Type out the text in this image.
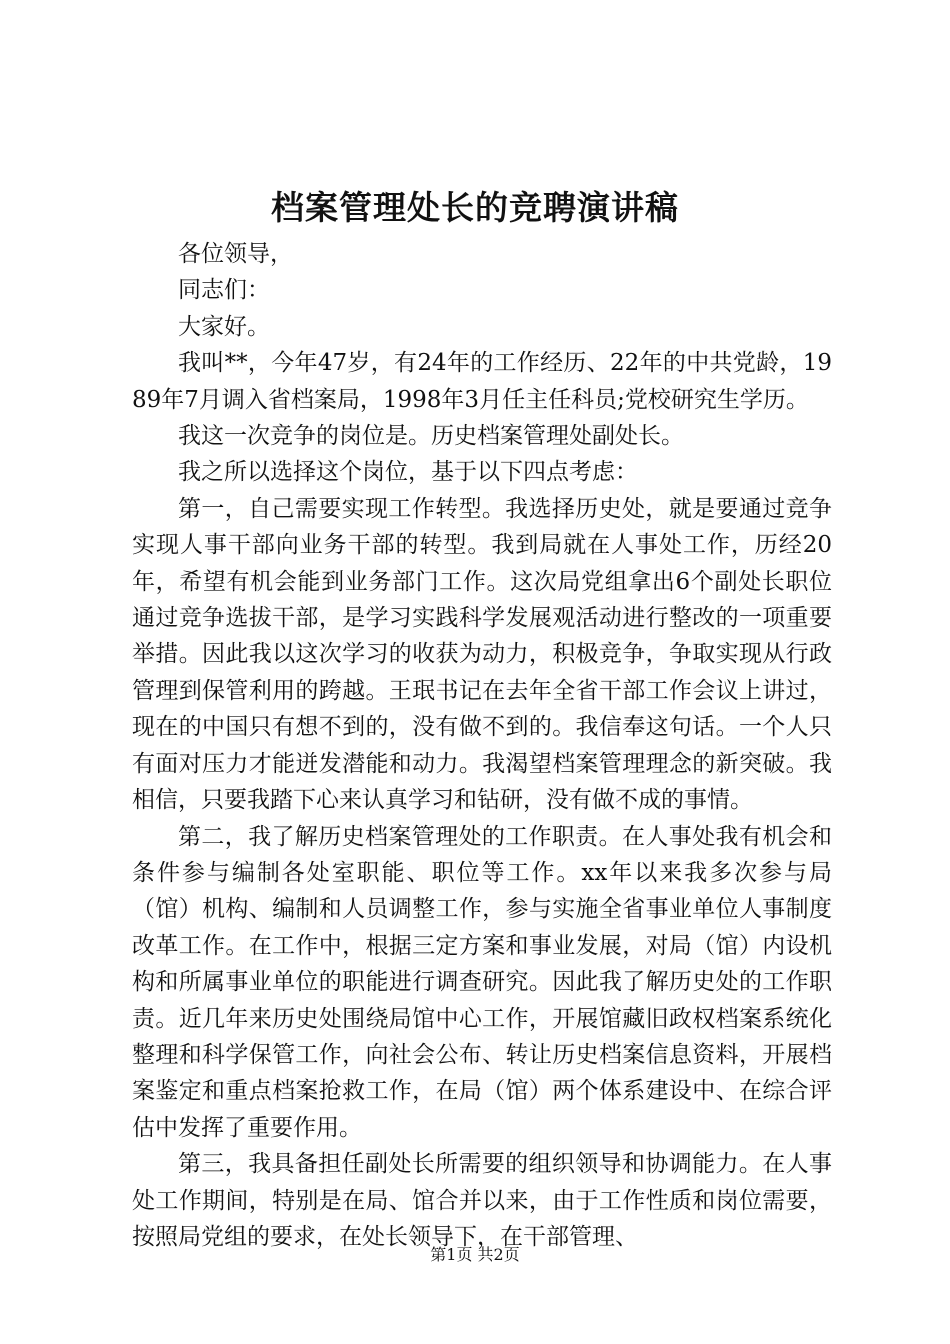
档案管理处长的竞聘演讲稿

各位领导，

同志们：

大家好。

我叫**，今年47岁，有24年的工作经历、22年的中共党龄，1989年7月调入省档案局，1998年3月任主任科员;党校研究生学历。

我这一次竞争的岗位是。历史档案管理处副处长。

我之所以选择这个岗位，基于以下四点考虑：

第一，自己需要实现工作转型。我选择历史处，就是要通过竞争实现人事干部向业务干部的转型。我到局就在人事处工作，历经20年，希望有机会能到业务部门工作。这次局党组拿出6个副处长职位通过竞争选拔干部，是学习实践科学发展观活动进行整改的一项重要举措。因此我以这次学习的收获为动力，积极竞争，争取实现从行政管理到保管利用的跨越。王珉书记在去年全省干部工作会议上讲过，现在的中国只有想不到的，没有做不到的。我信奉这句话。一个人只有面对压力才能迸发潜能和动力。我渴望档案管理理念的新突破。我相信，只要我踏下心来认真学习和钻研，没有做不成的事情。

第二，我了解历史档案管理处的工作职责。在人事处我有机会和条件参与编制各处室职能、职位等工作。xx年以来我多次参与局（馆）机构、编制和人员调整工作，参与实施全省事业单位人事制度改革工作。在工作中，根据三定方案和事业发展，对局（馆）内设机构和所属事业单位的职能进行调查研究。因此我了解历史处的工作职责。近几年来历史处围绕局馆中心工作，开展馆藏旧政权档案系统化整理和科学保管工作，向社会公布、转让历史档案信息资料，开展档案鉴定和重点档案抢救工作，在局（馆）两个体系建设中、在综合评估中发挥了重要作用。

第三，我具备担任副处长所需要的组织领导和协调能力。在人事处工作期间，特别是在局、馆合并以来，由于工作性质和岗位需要，按照局党组的要求，在处长领导下，在干部管理、

第1页 共2页
